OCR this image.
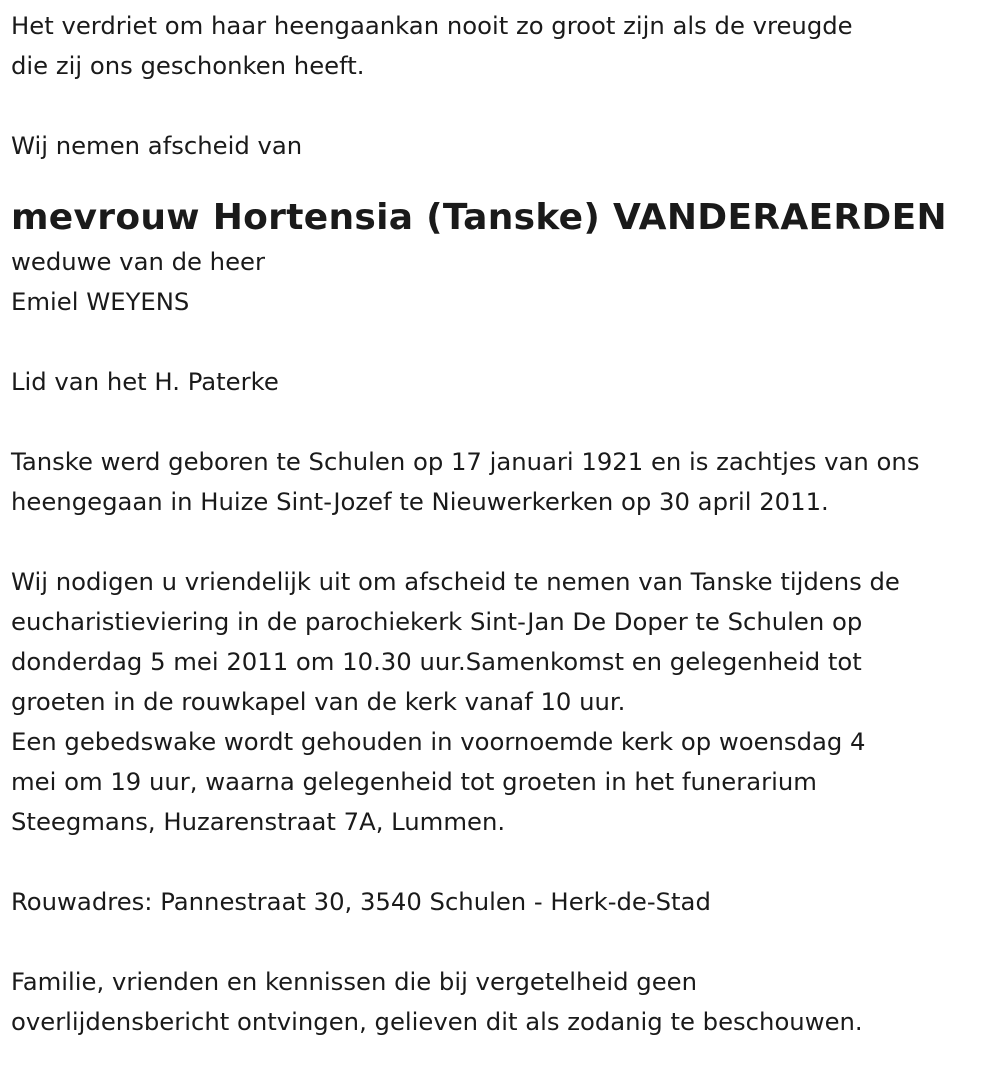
Het verdriet om haar heengaankan nooit zo groot zijn als de vreugde
die zij ons geschonken heeft.
Wij nemen afscheid van
mevrouw Hortensia (Tanske) VANDERAERDEN
weduwe van de heer
Emiel WEYENS
Lid van het H. Paterke
Tanske werd geboren te Schulen op 17 januari 1921 en is zachtjes van ons
heengegaan in Huize Sint-Jozef te Nieuwerkerken op 30 april 2011.
Wij nodigen u vriendelijk uit om afscheid te nemen van Tanske tijdens de
eucharistieviering in de parochiekerk Sint-Jan De Doper te Schulen op
donderdag 5 mei 2011 om 10.30 uur.Samenkomst en gelegenheid tot
groeten in de rouwkapel van de kerk vanaf 10 uur.
Een gebedswake wordt gehouden in voornoemde kerk op woensdag 4
mei om 19 uur, waarna gelegenheid tot groeten in het funerarium
Steegmans, Huzarenstraat 7A, Lummen.
Rouwadres: Pannestraat 30, 3540 Schulen - Herk-de-Stad
Familie, vrienden en kennissen die bij vergetelheid geen
overlijdensbericht ontvingen, gelieven dit als zodanig te beschouwen.
